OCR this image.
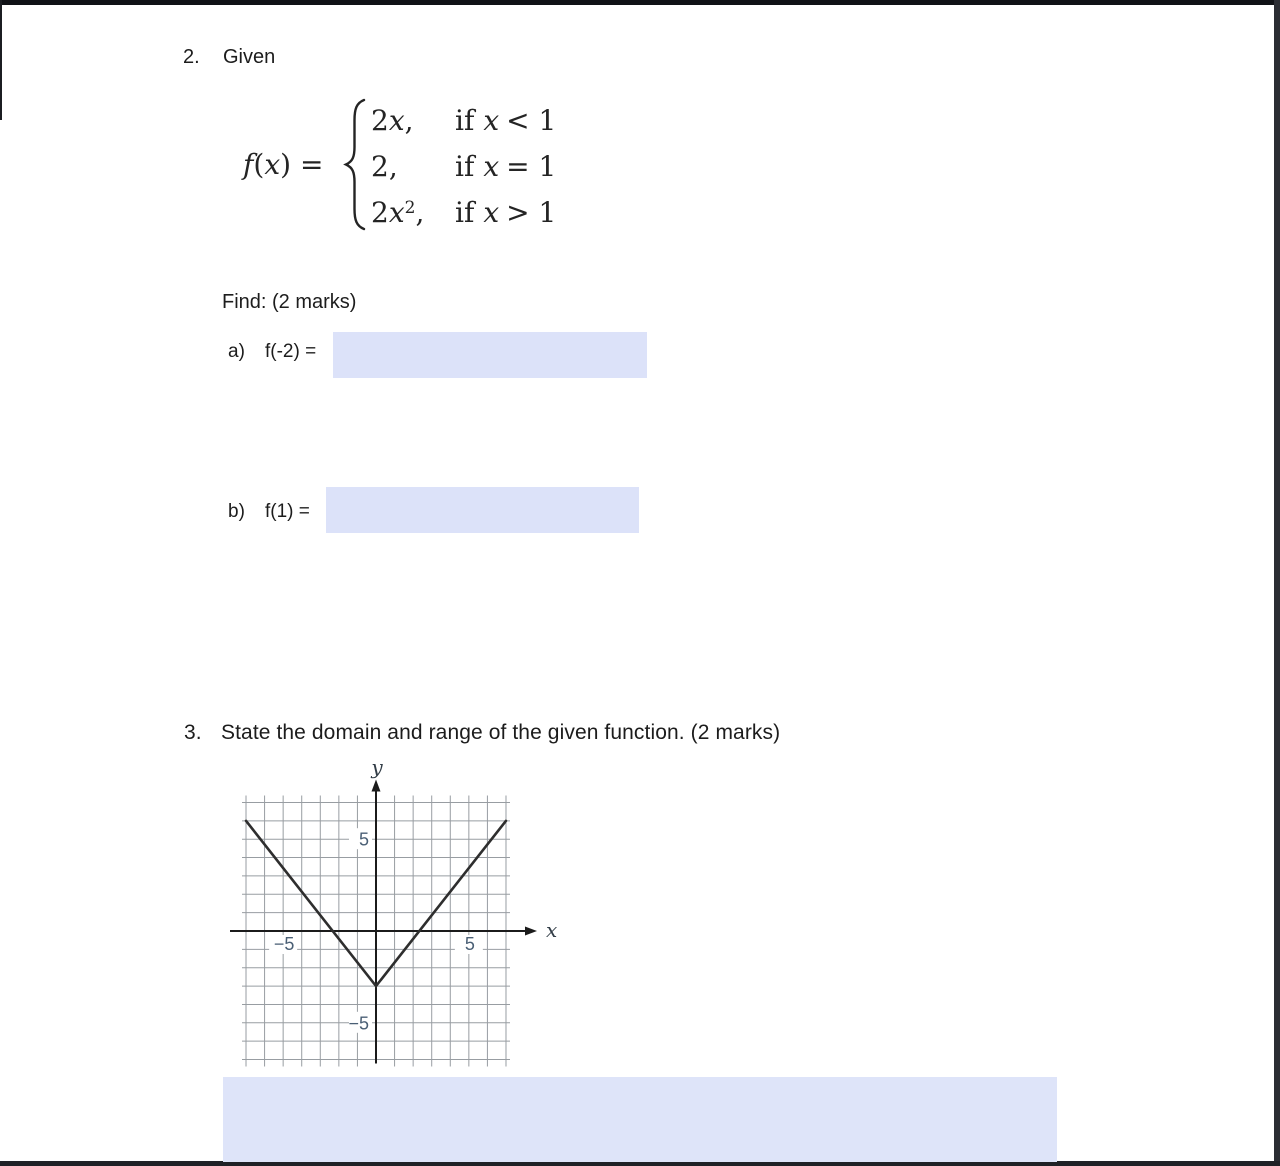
2.	Given
f(x) =
2x,	if x < 1
2,	if x = 1
$2x^2$,	if x > 1
Find: (2 marks)
a) f(-2) =
b) f(1) =
3. State the domain and range of the given function. (2 marks)
−5	5
5
−5
y
x
